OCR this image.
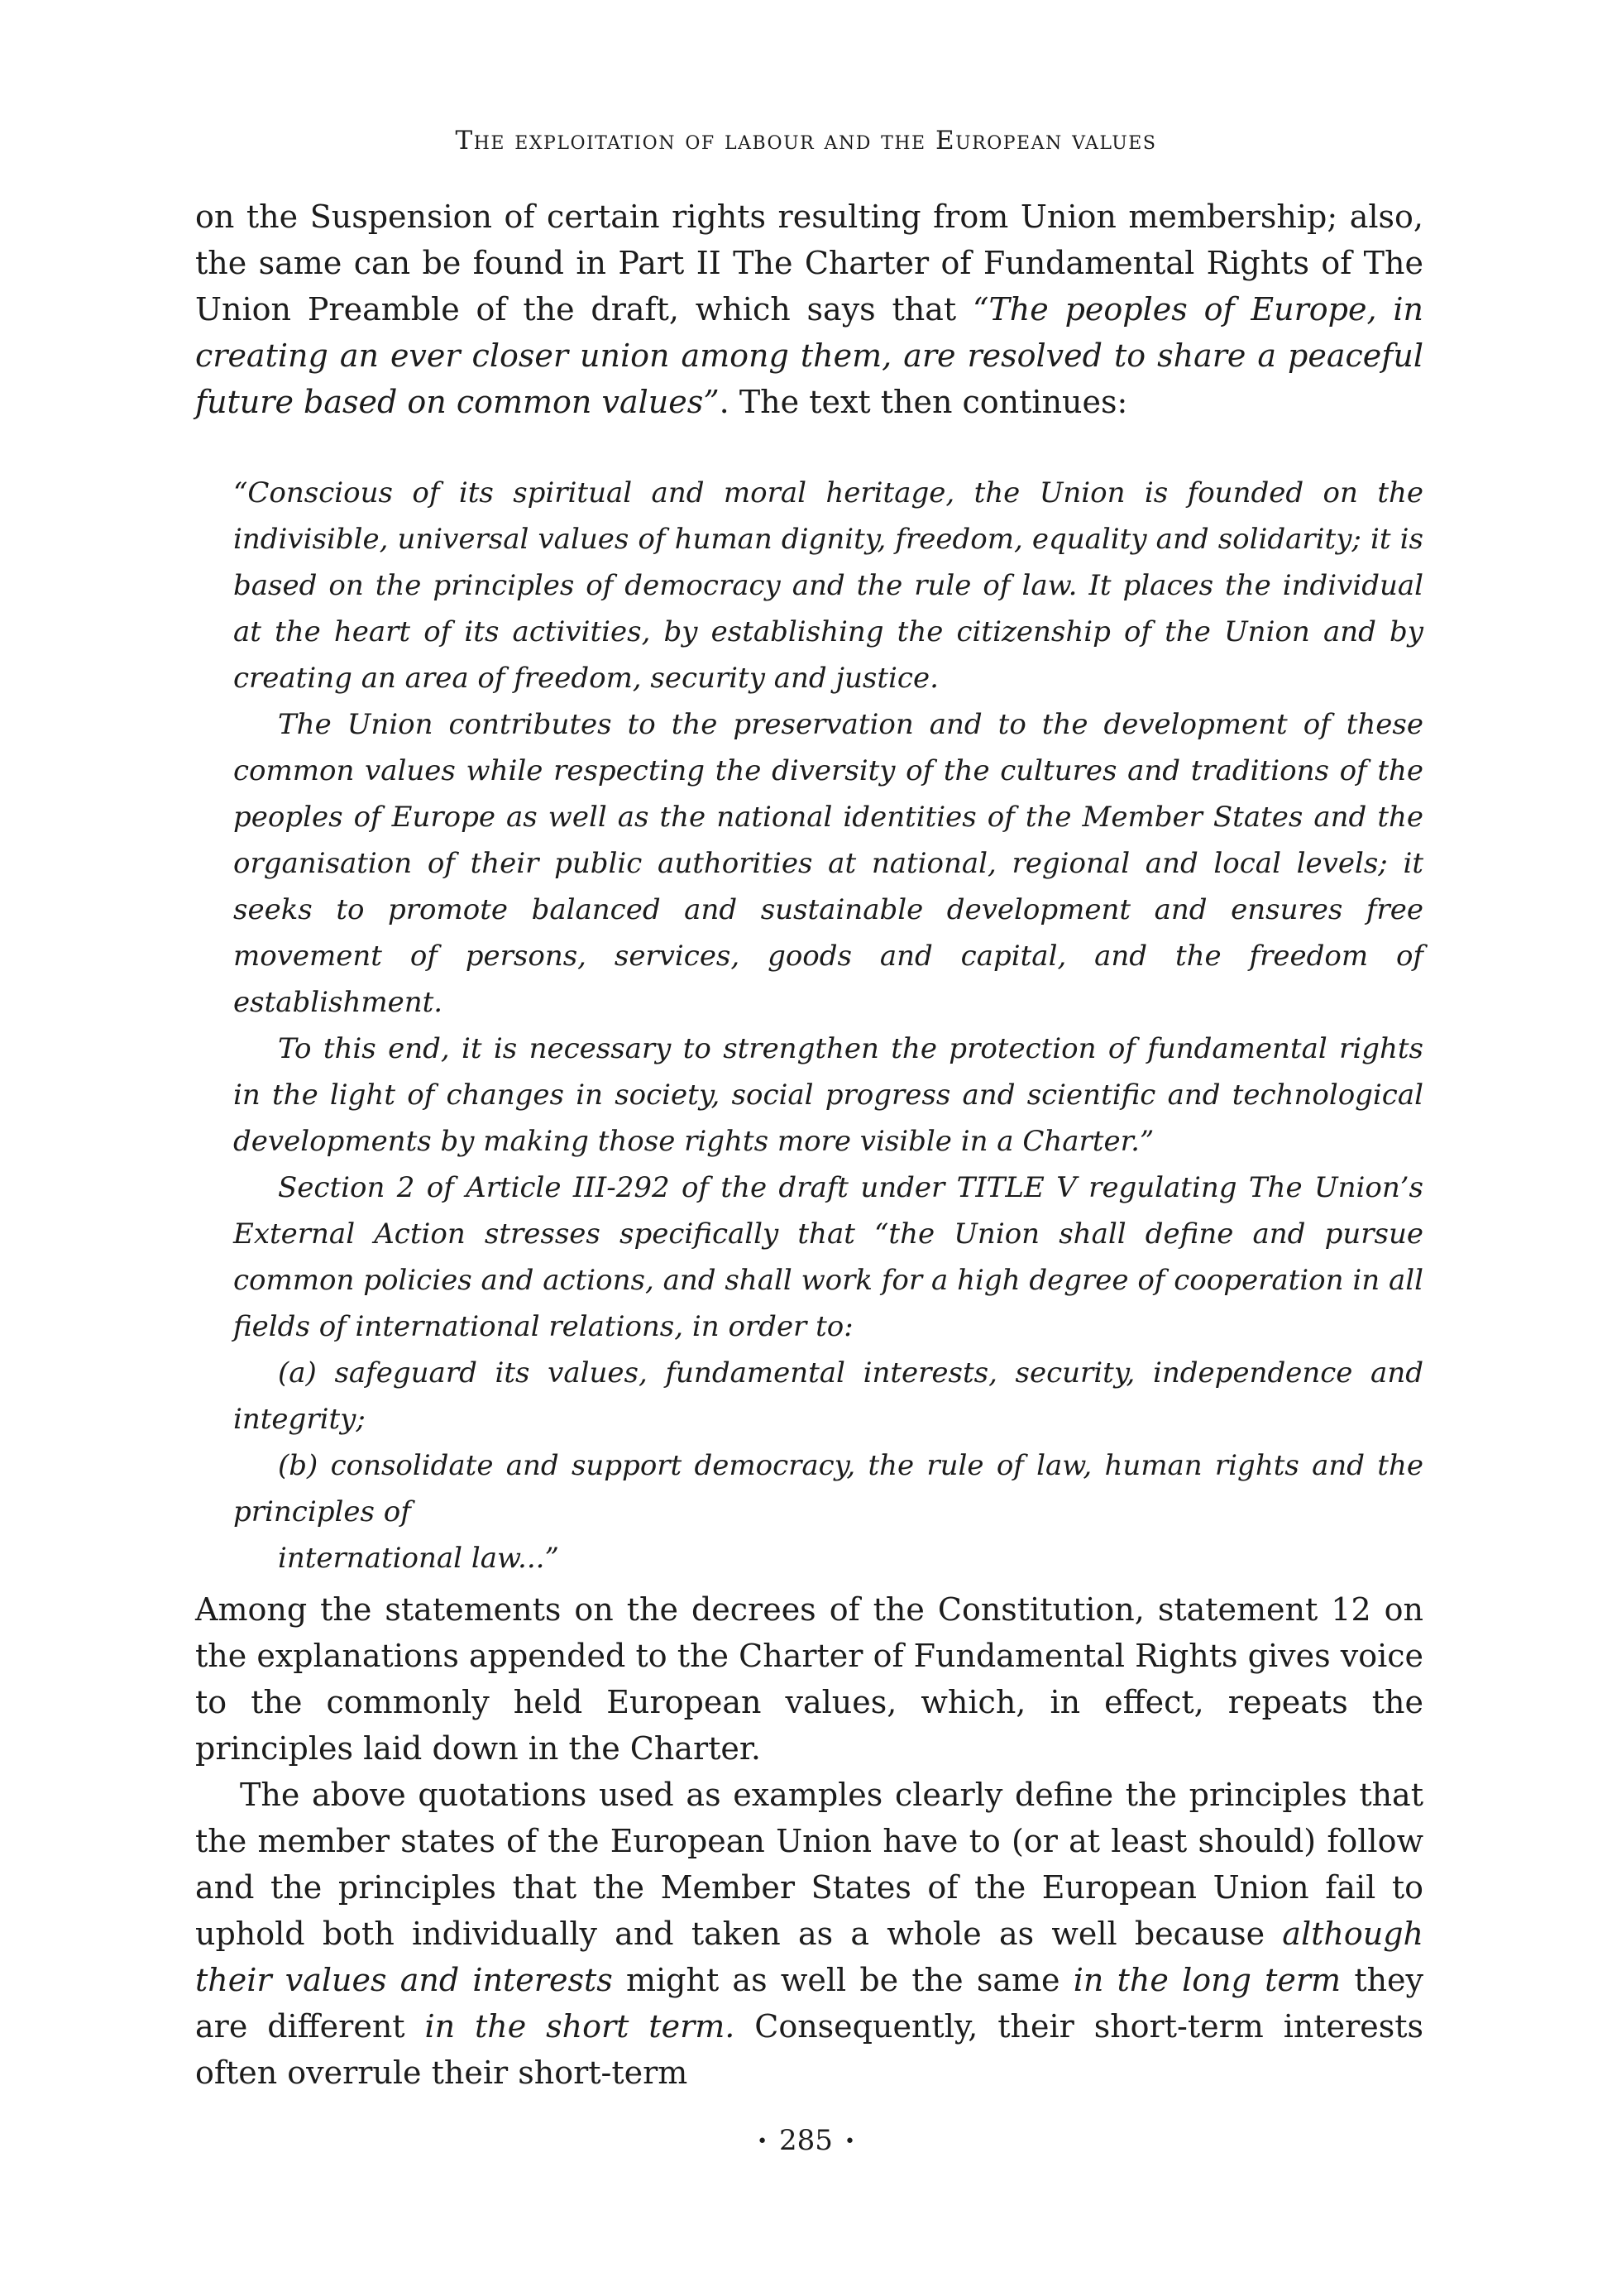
The exploitation of labour and the European values

on the Suspension of certain rights resulting from Union membership; also, the same can be found in Part II The Charter of Fundamental Rights of The Union Preamble of the draft, which says that “The peoples of Europe, in creating an ever closer union among them, are resolved to share a peaceful future based on common values”. The text then continues:

“Conscious of its spiritual and moral heritage, the Union is founded on the indivisible, universal values of human dignity, freedom, equality and solidarity; it is based on the principles of democracy and the rule of law. It places the individual at the heart of its activities, by establishing the citizenship of the Union and by creating an area of freedom, security and justice.

The Union contributes to the preservation and to the development of these common values while respecting the diversity of the cultures and traditions of the peoples of Europe as well as the national identities of the Member States and the organisation of their public authorities at national, regional and local levels; it seeks to promote balanced and sustainable development and ensures free movement of persons, services, goods and capital, and the freedom of establishment.

To this end, it is necessary to strengthen the protection of fundamental rights in the light of changes in society, social progress and scientific and technological developments by making those rights more visible in a Charter.”

Section 2 of Article III-292 of the draft under TITLE V regulating The Union’s External Action stresses specifically that “the Union shall define and pursue common policies and actions, and shall work for a high degree of cooperation in all fields of international relations, in order to:

(a) safeguard its values, fundamental interests, security, independence and integrity;

(b) consolidate and support democracy, the rule of law, human rights and the principles of

international law...”

Among the statements on the decrees of the Constitution, statement 12 on the explanations appended to the Charter of Fundamental Rights gives voice to the commonly held European values, which, in effect, repeats the principles laid down in the Charter.

The above quotations used as examples clearly define the principles that the member states of the European Union have to (or at least should) follow and the principles that the Member States of the European Union fail to uphold both individually and taken as a whole as well because although their values and interests might as well be the same in the long term they are different in the short term. Consequently, their short-term interests often overrule their short-term

• 285 •
